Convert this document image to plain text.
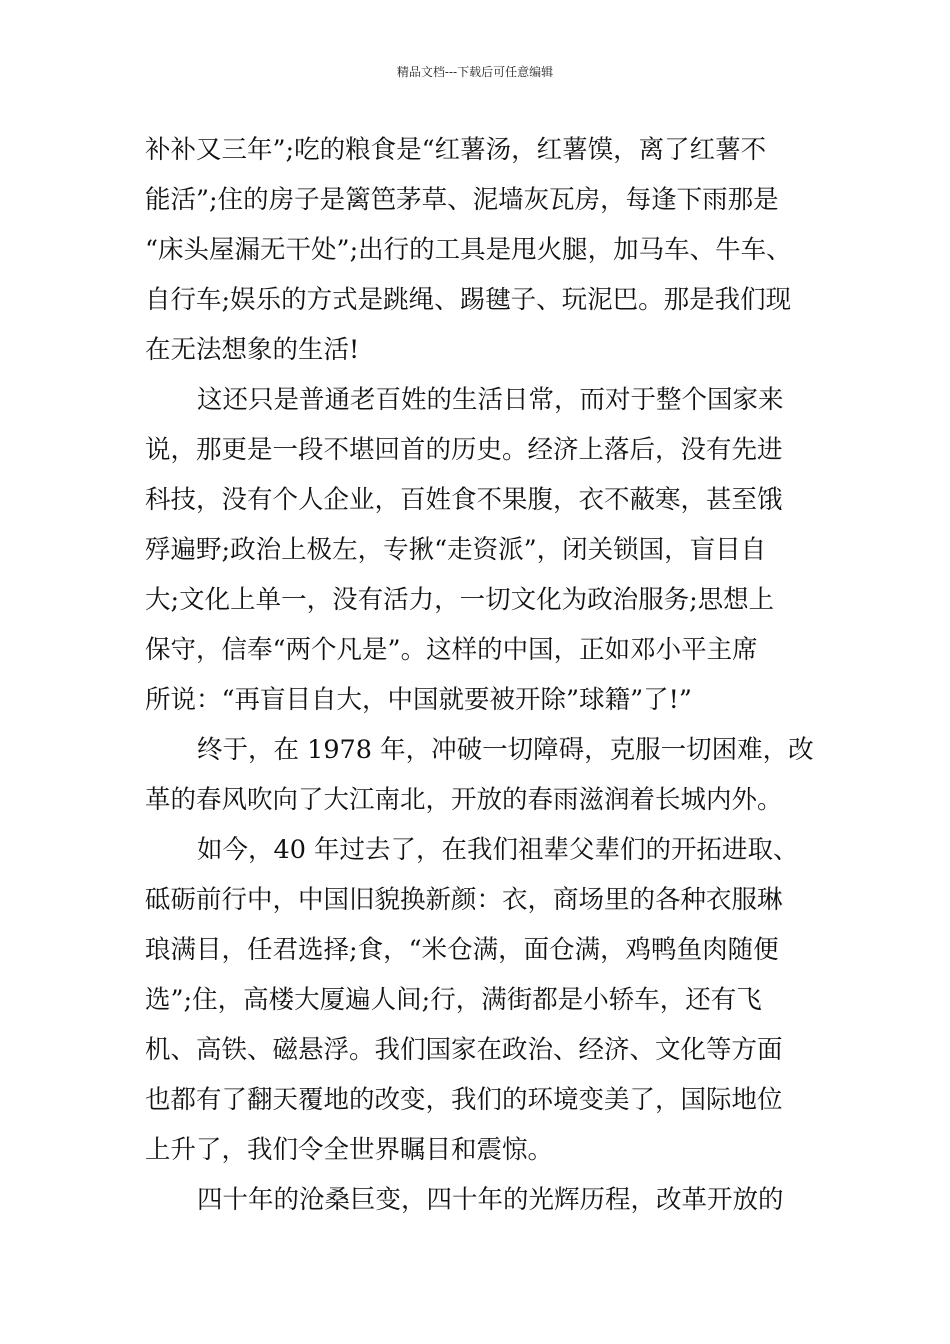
精品文档---下载后可任意编辑
补补又三年”;吃的粮食是“红薯汤，红薯馍，离了红薯不
能活”;住的房子是篱笆茅草、泥墙灰瓦房，每逢下雨那是
“床头屋漏无干处”;出行的工具是甩火腿，加马车、牛车、
自行车;娱乐的方式是跳绳、踢毽子、玩泥巴。那是我们现
在无法想象的生活!
这还只是普通老百姓的生活日常，而对于整个国家来
说，那更是一段不堪回首的历史。经济上落后，没有先进
科技，没有个人企业，百姓食不果腹，衣不蔽寒，甚至饿
殍遍野;政治上极左，专揪“走资派”，闭关锁国，盲目自
大;文化上单一，没有活力，一切文化为政治服务;思想上
保守，信奉“两个凡是”。这样的中国，正如邓小平主席
所说：“再盲目自大，中国就要被开除”球籍”了!”
终于，在 1978 年，冲破一切障碍，克服一切困难，改
革的春风吹向了大江南北，开放的春雨滋润着长城内外。
如今，40 年过去了，在我们祖辈父辈们的开拓进取、
砥砺前行中，中国旧貌换新颜：衣，商场里的各种衣服琳
琅满目，任君选择;食，“米仓满，面仓满，鸡鸭鱼肉随便
选”;住，高楼大厦遍人间;行，满街都是小轿车，还有飞
机、高铁、磁悬浮。我们国家在政治、经济、文化等方面
也都有了翻天覆地的改变，我们的环境变美了，国际地位
上升了，我们令全世界瞩目和震惊。
四十年的沧桑巨变，四十年的光辉历程，改革开放的
